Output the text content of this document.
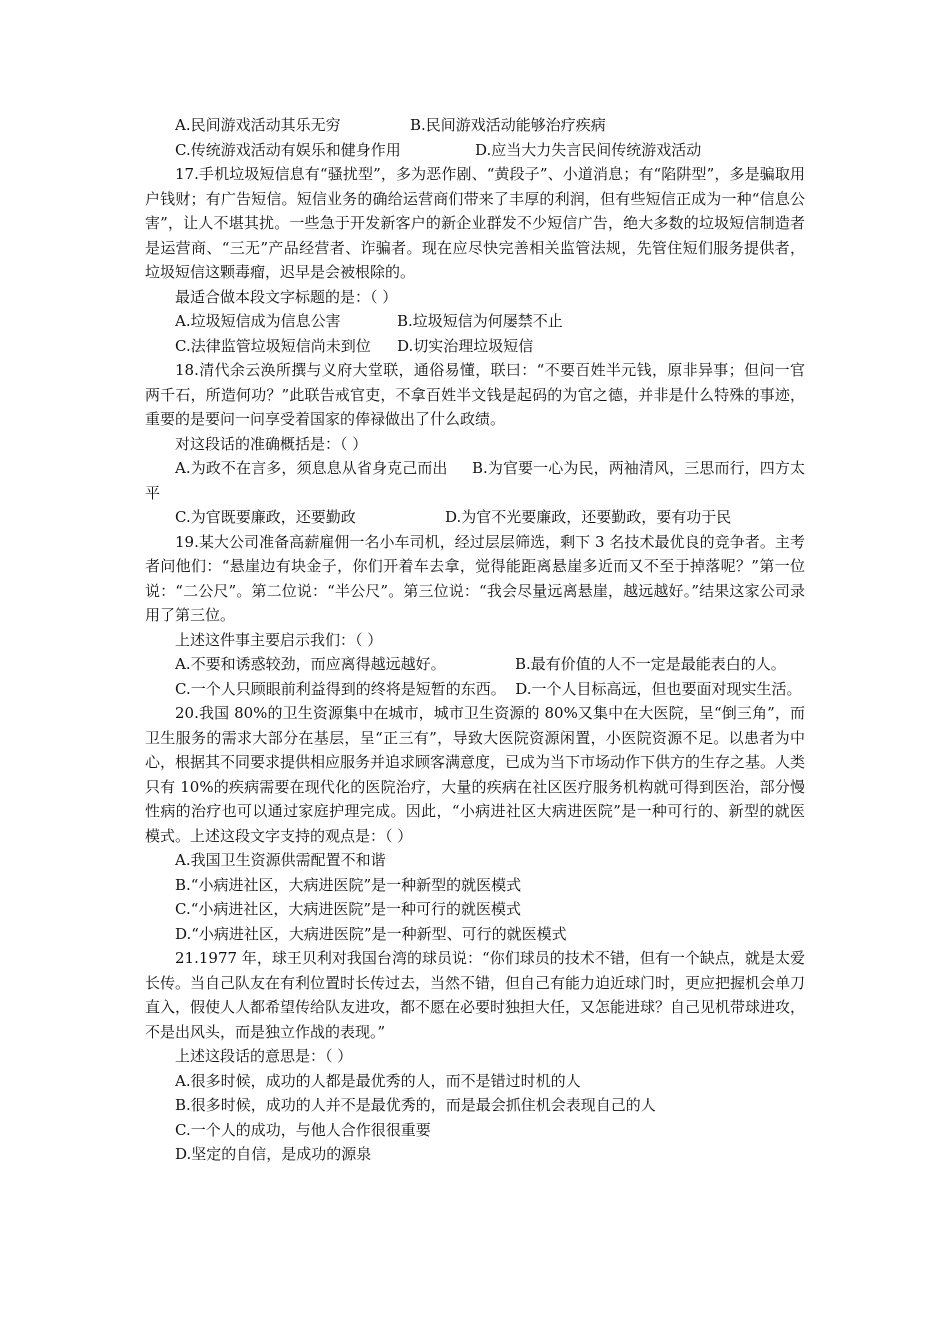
A.民间游戏活动其乐无穷	B.民间游戏活动能够治疗疾病
C.传统游戏活动有娱乐和健身作用	D.应当大力失言民间传统游戏活动

17.手机垃圾短信息有“骚扰型”，多为恶作剧、“黄段子”、小道消息；有“陷阱型”，多是骗取用户钱财；有广告短信。短信业务的确给运营商们带来了丰厚的利润，但有些短信正成为一种“信息公害”，让人不堪其扰。一些急于开发新客户的新企业群发不少短信广告，绝大多数的垃圾短信制造者是运营商、“三无”产品经营者、诈骗者。现在应尽快完善相关监管法规，先管住短们服务提供者，垃圾短信这颗毒瘤，迟早是会被根除的。

最适合做本段文字标题的是：（ ）

A.垃圾短信成为信息公害	B.垃圾短信为何屡禁不止
C.法律监管垃圾短信尚未到位 D.切实治理垃圾短信

18.清代余云涣所撰与义府大堂联，通俗易懂，联曰：“不要百姓半元钱，原非异事；但问一官两千石，所造何功？”此联告戒官吏，不拿百姓半文钱是起码的为官之德，并非是什么特殊的事迹，重要的是要问一问享受着国家的俸禄做出了什么政绩。

对这段话的准确概括是：（ ）

A.为政不在言多，须息息从省身克己而出 B.为官要一心为民，两袖清风，三思而行，四方太平

C.为官既要廉政，还要勤政	D.为官不光要廉政，还要勤政，要有功于民

19.某大公司准备高薪雇佣一名小车司机，经过层层筛选，剩下 3 名技术最优良的竞争者。主考者问他们：“悬崖边有块金子，你们开着车去拿，觉得能距离悬崖多近而又不至于掉落呢？”第一位说：“二公尺”。第二位说：“半公尺”。第三位说：“我会尽量远离悬崖，越远越好。”结果这家公司录用了第三位。

上述这件事主要启示我们：（ ）

A.不要和诱惑较劲，而应离得越远越好。	B.最有价值的人不一定是最能表白的人。

C.一个人只顾眼前利益得到的终将是短暂的东西。 D.一个人目标高远，但也要面对现实生活。

20.我国 80%的卫生资源集中在城市，城市卫生资源的 80%又集中在大医院，呈“倒三角”，而卫生服务的需求大部分在基层，呈“正三有”，导致大医院资源闲置，小医院资源不足。以患者为中心，根据其不同要求提供相应服务并追求顾客满意度，已成为当下市场动作下供方的生存之基。人类只有 10%的疾病需要在现代化的医院治疗，大量的疾病在社区医疗服务机构就可得到医治，部分慢性病的治疗也可以通过家庭护理完成。因此，“小病进社区大病进医院”是一种可行的、新型的就医模式。上述这段文字支持的观点是：（ ）

A.我国卫生资源供需配置不和谐
B.“小病进社区，大病进医院”是一种新型的就医模式
C.“小病进社区，大病进医院”是一种可行的就医模式
D.“小病进社区，大病进医院”是一种新型、可行的就医模式

21.1977 年，球王贝利对我国台湾的球员说：“你们球员的技术不错，但有一个缺点，就是太爱长传。当自己队友在有利位置时长传过去，当然不错，但自己有能力迫近球门时，更应把握机会单刀直入，假使人人都希望传给队友进攻，都不愿在必要时独担大任，又怎能进球？自己见机带球进攻，不是出风头，而是独立作战的表现。”

上述这段话的意思是：（ ）

A.很多时候，成功的人都是最优秀的人，而不是错过时机的人
B.很多时候，成功的人并不是最优秀的，而是最会抓住机会表现自己的人
C.一个人的成功，与他人合作很很重要
D.坚定的自信，是成功的源泉
